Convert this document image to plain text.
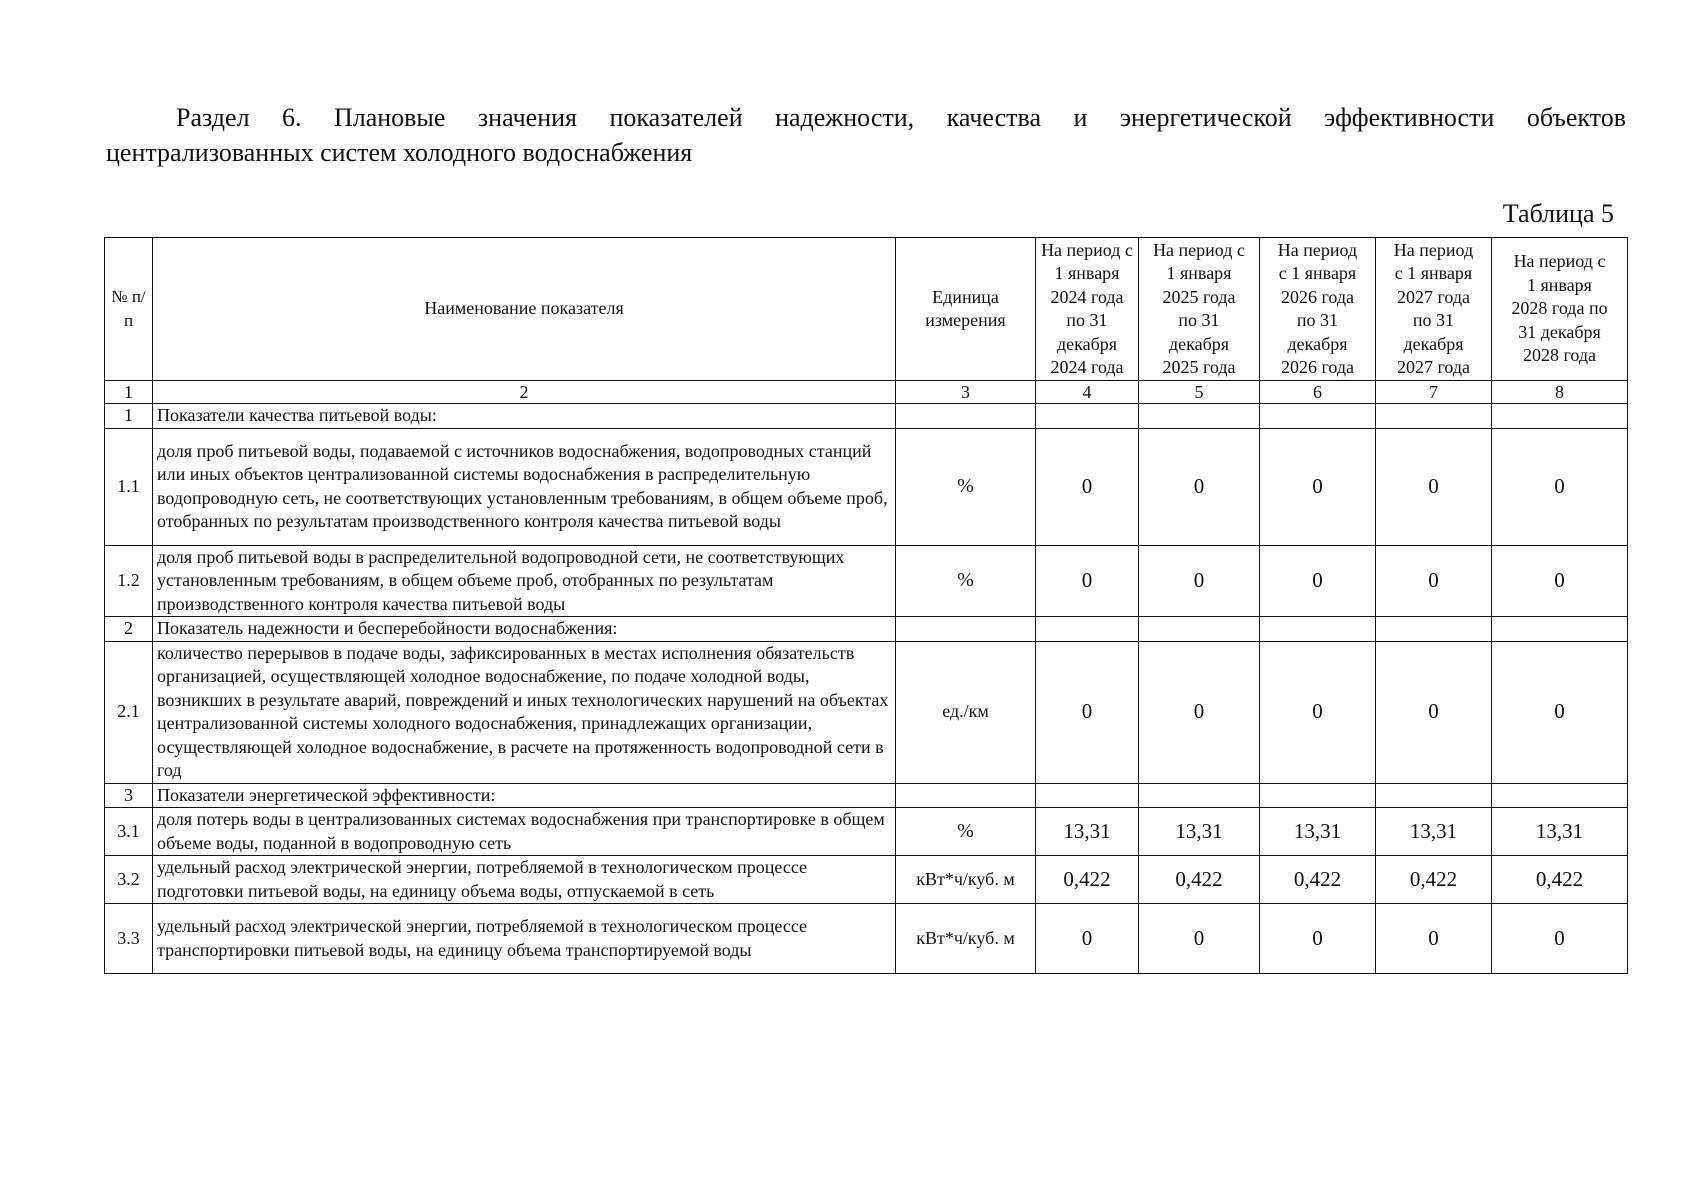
Раздел 6. Плановые значения показателей надежности, качества и энергетической эффективности объектов
централизованных систем холодного водоснабжения
Таблица 5
№ п/ п	Наименование показателя	Единица измерения	На период с 1 января 2024 года по 31 декабря 2024 года	На период с 1 января 2025 года по 31 декабря 2025 года	На период с 1 января 2026 года по 31 декабря 2026 года	На период с 1 января 2027 года по 31 декабря 2027 года	На период с 1 января 2028 года по 31 декабря 2028 года
1	2	3	4	5	6	7	8
1	Показатели качества питьевой воды:						
1.1	доля проб питьевой воды, подаваемой с источников водоснабжения, водопроводных станций или иных объектов централизованной системы водоснабжения в распределительную водопроводную сеть, не соответствующих установленным требованиям, в общем объеме проб, отобранных по результатам производственного контроля качества питьевой воды	%	0	0	0	0	0
1.2	доля проб питьевой воды в распределительной водопроводной сети, не соответствующих установленным требованиям, в общем объеме проб, отобранных по результатам производственного контроля качества питьевой воды	%	0	0	0	0	0
2	Показатель надежности и бесперебойности водоснабжения:						
2.1	количество перерывов в подаче воды, зафиксированных в местах исполнения обязательств организацией, осуществляющей холодное водоснабжение, по подаче холодной воды, возникших в результате аварий, повреждений и иных технологических нарушений на объектах централизованной системы холодного водоснабжения, принадлежащих организации, осуществляющей холодное водоснабжение, в расчете на протяженность водопроводной сети в год	ед./км	0	0	0	0	0
3	Показатели энергетической эффективности:						
3.1	доля потерь воды в централизованных системах водоснабжения при транспортировке в общем объеме воды, поданной в водопроводную сеть	%	13,31	13,31	13,31	13,31	13,31
3.2	удельный расход электрической энергии, потребляемой в технологическом процессе подготовки питьевой воды, на единицу объема воды, отпускаемой в сеть	кВт*ч/куб. м	0,422	0,422	0,422	0,422	0,422
3.3	удельный расход электрической энергии, потребляемой в технологическом процессе транспортировки питьевой воды, на единицу объема транспортируемой воды	кВт*ч/куб. м	0	0	0	0	0
